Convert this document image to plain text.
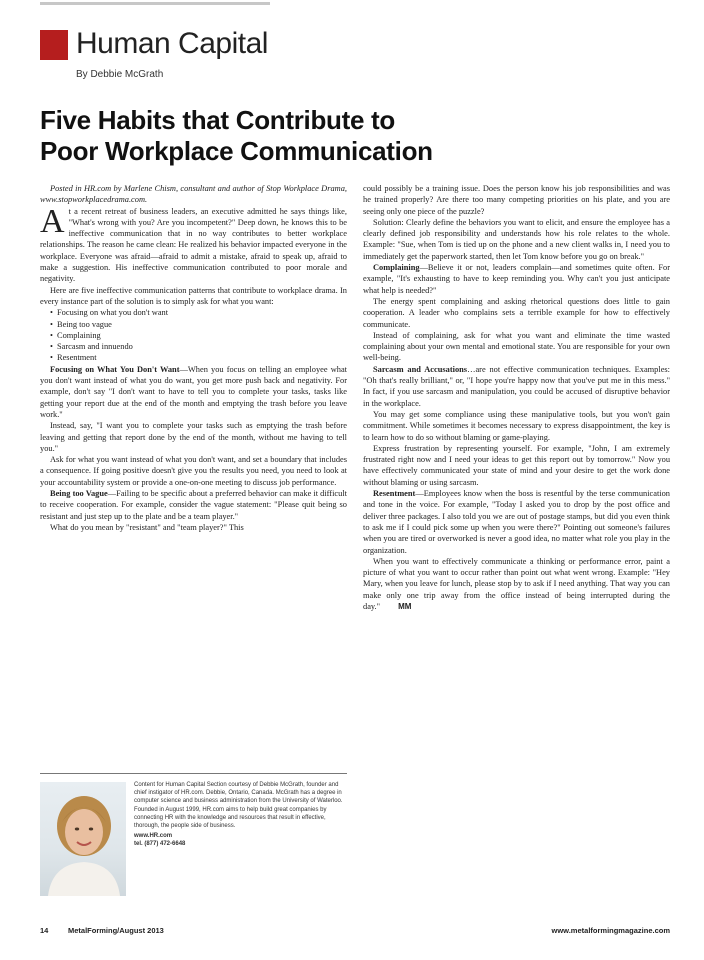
Human Capital
By Debbie McGrath
Five Habits that Contribute to
Poor Workplace Communication

Posted in HR.com by Marlene Chism, consultant and author of Stop Workplace Drama, www.stopworkplacedrama.com.

At a recent retreat of business leaders, an executive admitted he says things like, "What's wrong with you? Are you incompetent?" Deep down, he knows this to be ineffective communication that in no way contributes to better workplace relationships. The reason he came clean: He realized his behavior impacted everyone in the workplace. Everyone was afraid—afraid to admit a mistake, afraid to speak up, afraid to make a suggestion. His ineffective communication contributed to poor morale and negativity.

Here are five ineffective communication patterns that contribute to workplace drama. In every instance part of the solution is to simply ask for what you want:

• Focusing on what you don't want
• Being too vague
• Complaining
• Sarcasm and innuendo
• Resentment

Focusing on What You Don't Want—When you focus on telling an employee what you don't want instead of what you do want, you get more push back and negativity. For example, don't say "I don't want to have to tell you to complete your tasks, tasks like getting your report due at the end of the month and emptying the trash before you leave work."

Instead, say, "I want you to complete your tasks such as emptying the trash before leaving and getting that report done by the end of the month, without me having to tell you."

Ask for what you want instead of what you don't want, and set a boundary that includes a consequence. If going positive doesn't give you the results you need, you need to look at your accountability system or provide a one-on-one meeting to discuss job performance.

Being too Vague—Failing to be specific about a preferred behavior can make it difficult to receive cooperation. For example, consider the vague statement: "Please quit being so resistant and just step up to the plate and be a team player."

What do you mean by "resistant" and "team player?" This

Content for Human Capital Section courtesy of Debbie McGrath, founder and chief instigator of HR.com. Debbie, Ontario, Canada. McGrath has a degree in computer science and business administration from the University of Waterloo. Founded in August 1999, HR.com aims to help build great companies by connecting HR with the knowledge and resources that result in effective, thorough, the people side of business.
www.HR.com
tel. (877) 472-6648

could possibly be a training issue. Does the person know his job responsibilities and was he trained properly? Are there too many competing priorities on his plate, and you are seeing only one piece of the puzzle?

Solution: Clearly define the behaviors you want to elicit, and ensure the employee has a clearly defined job responsibility and understands how his role relates to the whole. Example: "Sue, when Tom is tied up on the phone and a new client walks in, I need you to immediately get the paperwork started, then let Tom know before you go on break."

Complaining—Believe it or not, leaders complain—and sometimes quite often. For example, "It's exhausting to have to keep reminding you. Why can't you just anticipate what help is needed?"

The energy spent complaining and asking rhetorical questions does little to gain cooperation. A leader who complains sets a terrible example for how to effectively communicate.

Instead of complaining, ask for what you want and eliminate the time wasted complaining about your own mental and emotional state. You are responsible for your own well-being.

Sarcasm and Accusations…are not effective communication techniques. Examples: "Oh that's really brilliant," or, "I hope you're happy now that you've put me in this mess." In fact, if you use sarcasm and manipulation, you could be accused of disruptive behavior in the workplace.

You may get some compliance using these manipulative tools, but you won't gain commitment. While sometimes it becomes necessary to express disappointment, the key is to learn how to do so without blaming or game-playing.

Express frustration by representing yourself. For example, "John, I am extremely frustrated right now and I need your ideas to get this report out by tomorrow." Now you have effectively communicated your state of mind and your desire to get the work done without blaming or using sarcasm.

Resentment—Employees know when the boss is resentful by the terse communication and tone in the voice. For example, "Today I asked you to drop by the post office and deliver three packages. I also told you we are out of postage stamps, but did you even think to ask me if I could pick some up when you were there?" Pointing out someone's failures when you are tired or overworked is never a good idea, no matter what role you play in the organization.

When you want to effectively communicate a thinking or performance error, paint a picture of what you want to occur rather than point out what went wrong. Example: "Hey Mary, when you leave for lunch, please stop by to ask if I need anything. That way you can make only one trip away from the office instead of being interrupted during the day." MM

14	MetalForming/August 2013	www.metalformingmagazine.com
